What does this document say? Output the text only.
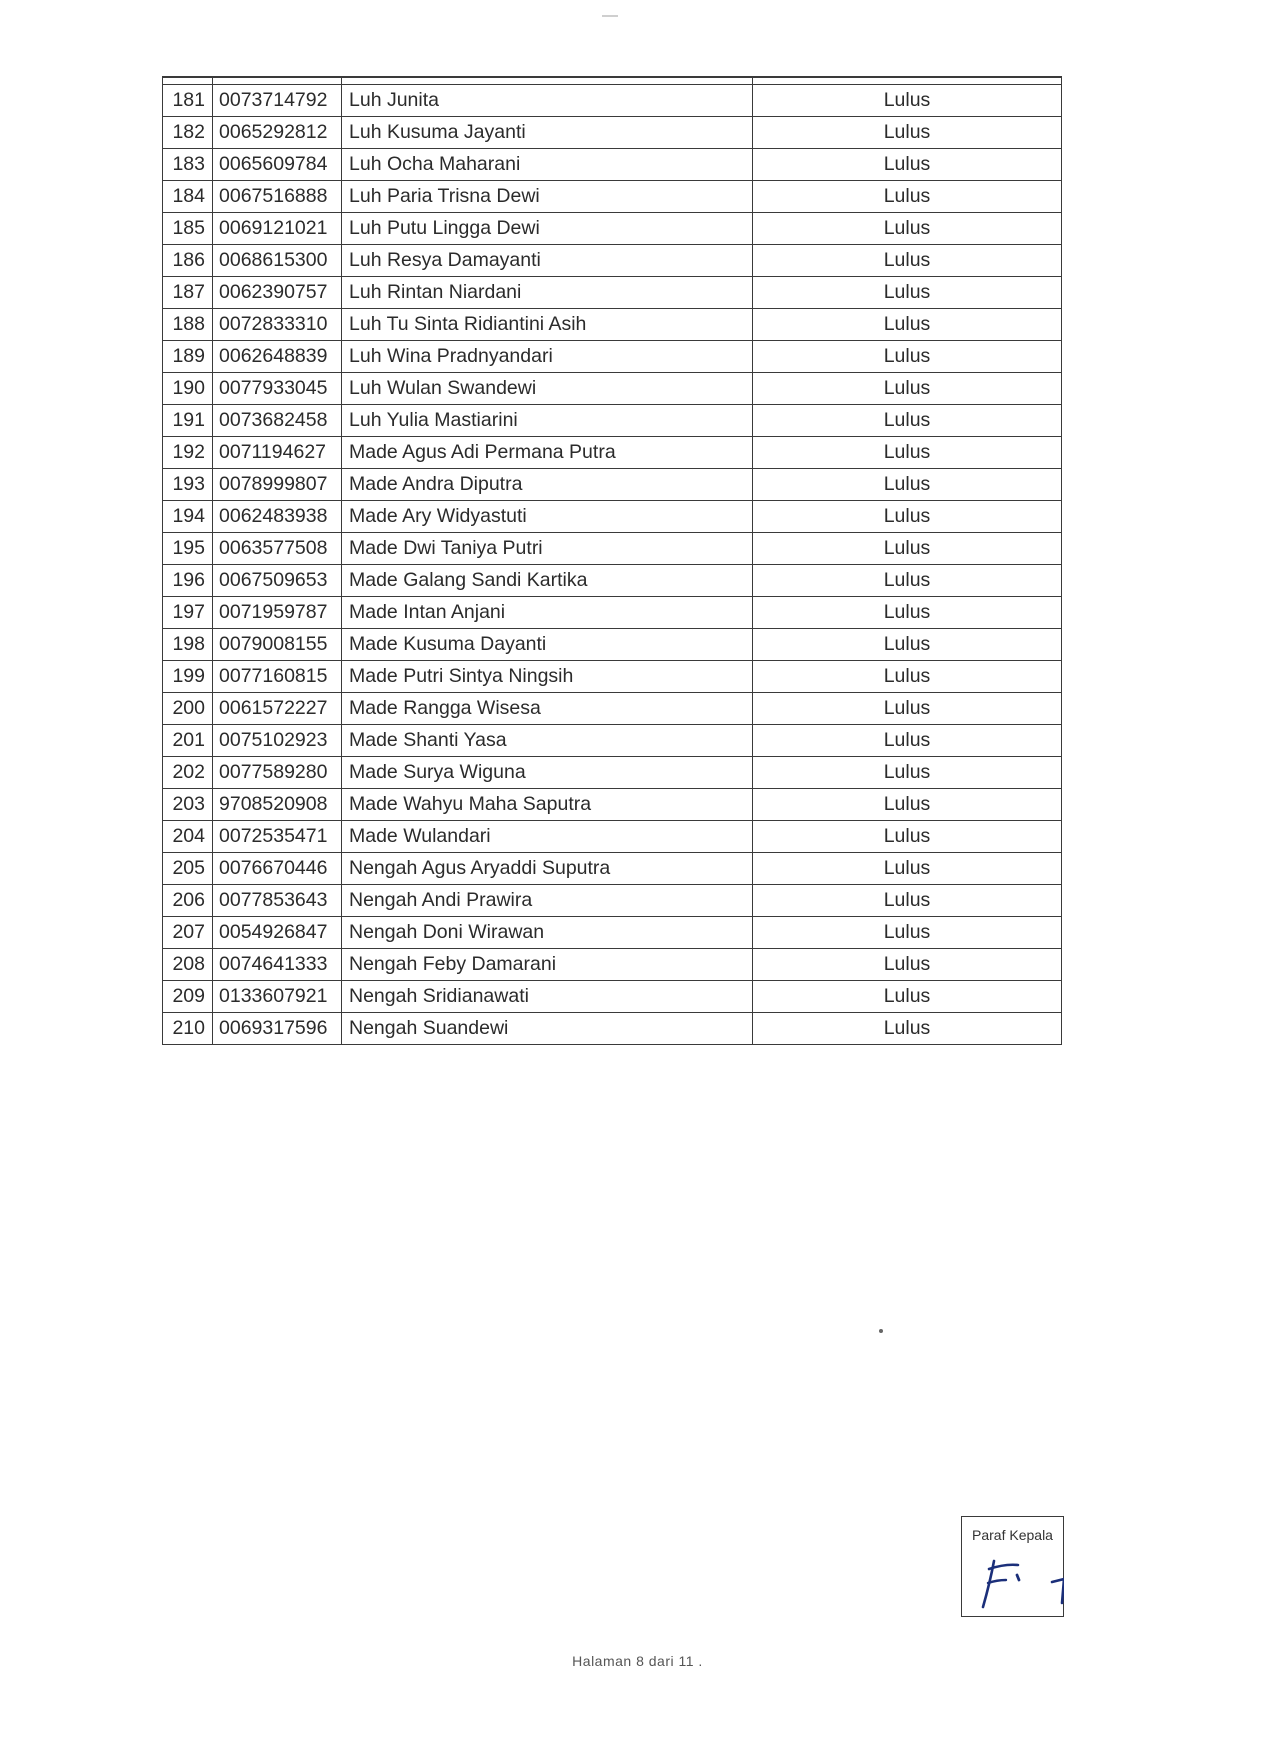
181	0073714792	Luh Junita	Lulus
182	0065292812	Luh Kusuma Jayanti	Lulus
183	0065609784	Luh Ocha Maharani	Lulus
184	0067516888	Luh Paria Trisna Dewi	Lulus
185	0069121021	Luh Putu Lingga Dewi	Lulus
186	0068615300	Luh Resya Damayanti	Lulus
187	0062390757	Luh Rintan Niardani	Lulus
188	0072833310	Luh Tu Sinta Ridiantini Asih	Lulus
189	0062648839	Luh Wina Pradnyandari	Lulus
190	0077933045	Luh Wulan Swandewi	Lulus
191	0073682458	Luh Yulia Mastiarini	Lulus
192	0071194627	Made Agus Adi Permana Putra	Lulus
193	0078999807	Made Andra Diputra	Lulus
194	0062483938	Made Ary Widyastuti	Lulus
195	0063577508	Made Dwi Taniya Putri	Lulus
196	0067509653	Made Galang Sandi Kartika	Lulus
197	0071959787	Made Intan Anjani	Lulus
198	0079008155	Made Kusuma Dayanti	Lulus
199	0077160815	Made Putri Sintya Ningsih	Lulus
200	0061572227	Made Rangga Wisesa	Lulus
201	0075102923	Made Shanti Yasa	Lulus
202	0077589280	Made Surya Wiguna	Lulus
203	9708520908	Made Wahyu Maha Saputra	Lulus
204	0072535471	Made Wulandari	Lulus
205	0076670446	Nengah Agus Aryaddi Suputra	Lulus
206	0077853643	Nengah Andi Prawira	Lulus
207	0054926847	Nengah Doni Wirawan	Lulus
208	0074641333	Nengah Feby Damarani	Lulus
209	0133607921	Nengah Sridianawati	Lulus
210	0069317596	Nengah Suandewi	Lulus
Paraf Kepala
Halaman 8 dari 11 .
